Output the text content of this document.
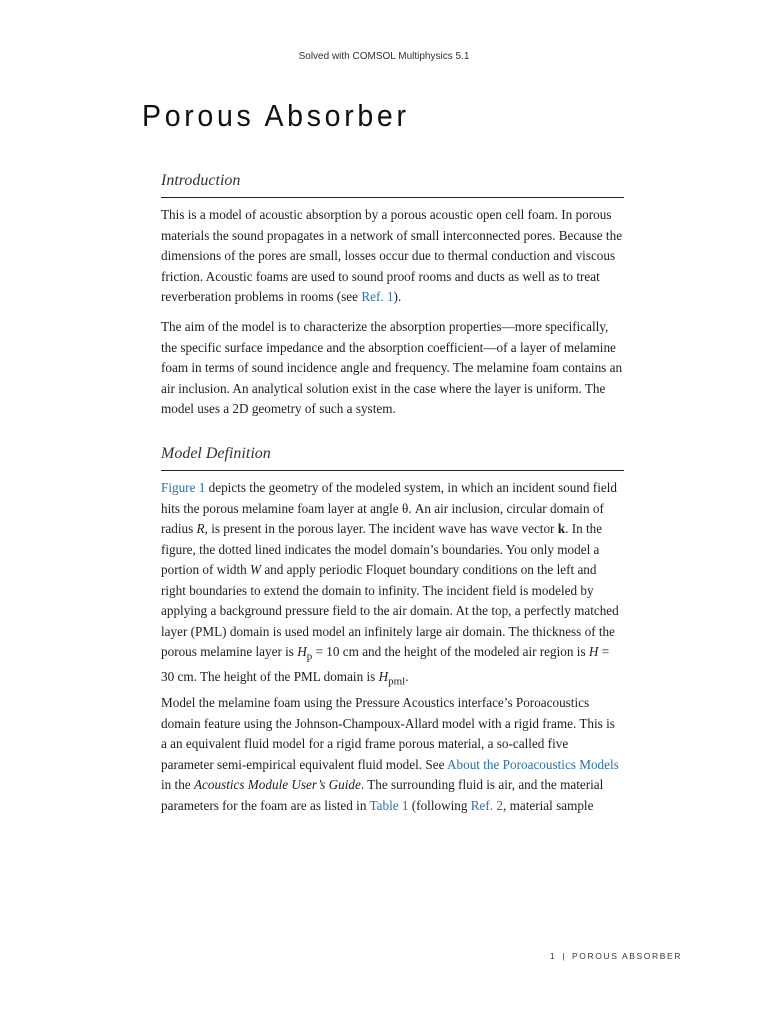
Solved with COMSOL Multiphysics 5.1
Porous Absorber
Introduction

This is a model of acoustic absorption by a porous acoustic open cell foam. In porous materials the sound propagates in a network of small interconnected pores. Because the dimensions of the pores are small, losses occur due to thermal conduction and viscous friction. Acoustic foams are used to sound proof rooms and ducts as well as to treat reverberation problems in rooms (see Ref. 1).

The aim of the model is to characterize the absorption properties—more specifically, the specific surface impedance and the absorption coefficient—of a layer of melamine foam in terms of sound incidence angle and frequency. The melamine foam contains an air inclusion. An analytical solution exist in the case where the layer is uniform. The model uses a 2D geometry of such a system.

Model Definition

Figure 1 depicts the geometry of the modeled system, in which an incident sound field hits the porous melamine foam layer at angle θ. An air inclusion, circular domain of radius R, is present in the porous layer. The incident wave has wave vector k. In the figure, the dotted lined indicates the model domain’s boundaries. You only model a portion of width W and apply periodic Floquet boundary conditions on the left and right boundaries to extend the domain to infinity. The incident field is modeled by applying a background pressure field to the air domain. At the top, a perfectly matched layer (PML) domain is used model an infinitely large air domain. The thickness of the porous melamine layer is $H_p = 10$ cm and the height of the modeled air region is H = 30 cm. The height of the PML domain is $H_{pml}$.

Model the melamine foam using the Pressure Acoustics interface’s Poroacoustics domain feature using the Johnson-Champoux-Allard model with a rigid frame. This is a an equivalent fluid model for a rigid frame porous material, a so-called five parameter semi-empirical equivalent fluid model. See About the Poroacoustics Models in the Acoustics Module User’s Guide. The surrounding fluid is air, and the material parameters for the foam are as listed in Table 1 (following Ref. 2, material sample

1 | POROUS ABSORBER
